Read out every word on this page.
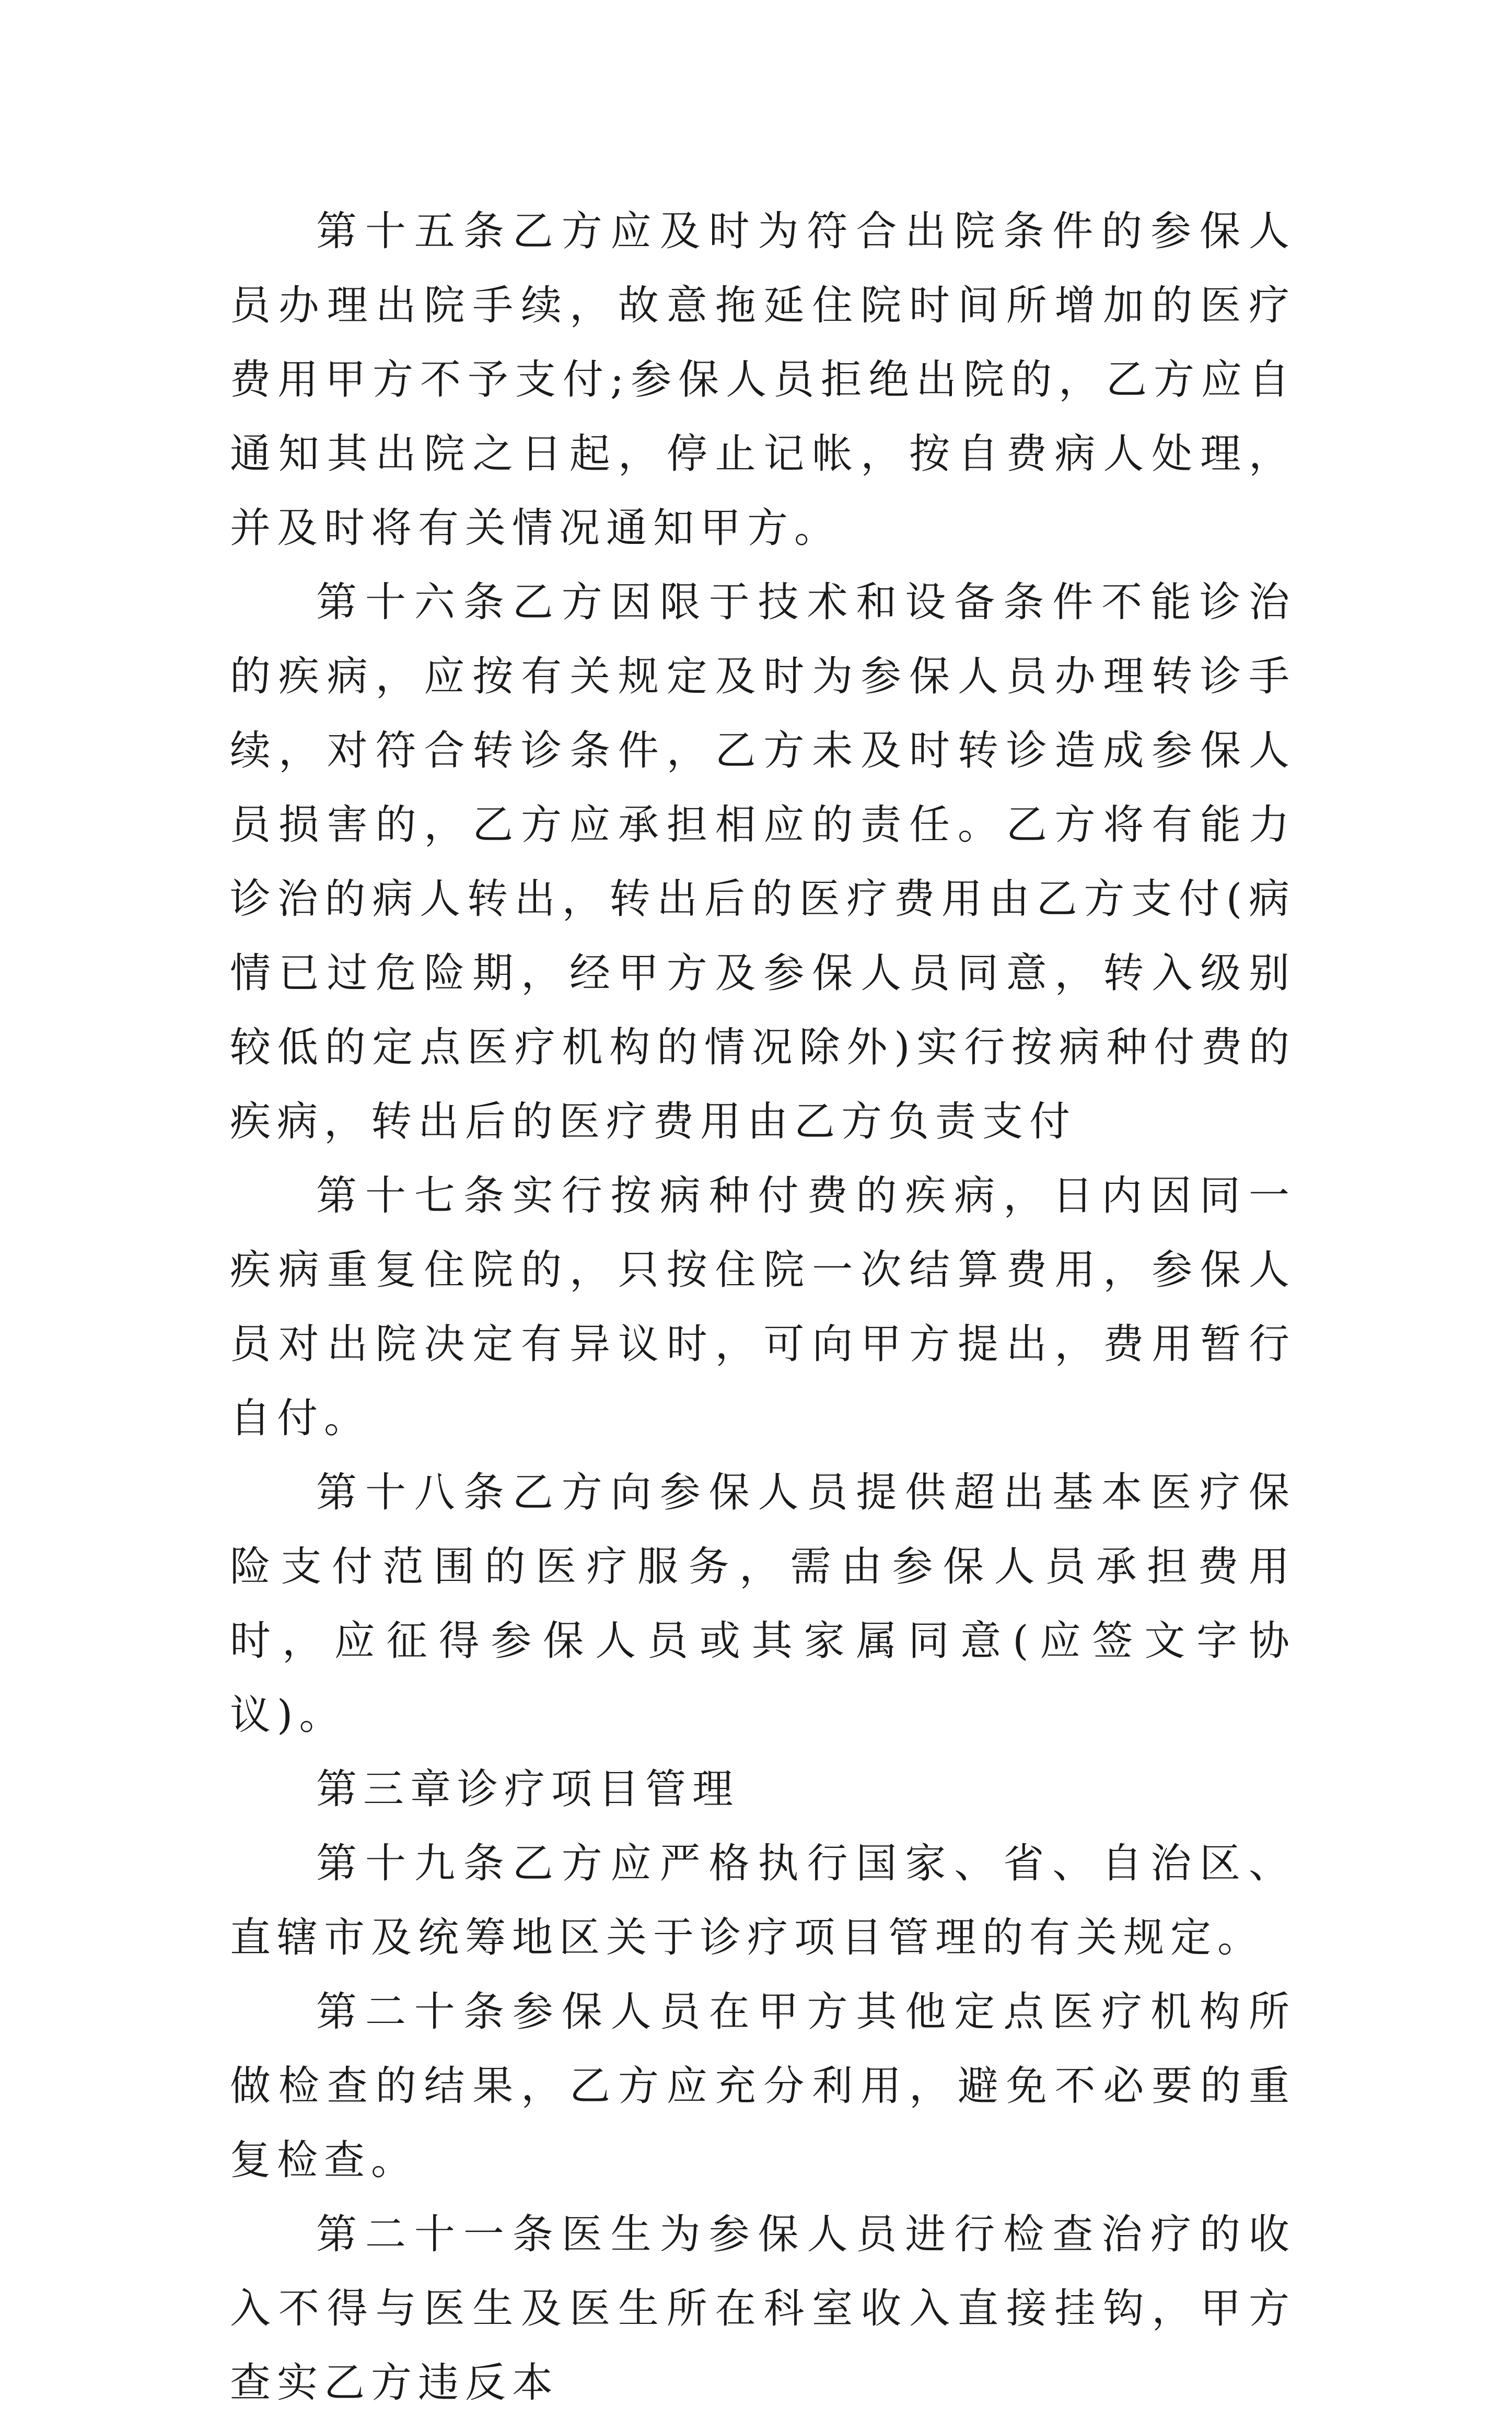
第十五条乙方应及时为符合出院条件的参保人员办理出院手续，故意拖延住院时间所增加的医疗费用甲方不予支付;参保人员拒绝出院的，乙方应自通知其出院之日起，停止记帐，按自费病人处理，并及时将有关情况通知甲方。

第十六条乙方因限于技术和设备条件不能诊治的疾病，应按有关规定及时为参保人员办理转诊手续，对符合转诊条件，乙方未及时转诊造成参保人员损害的，乙方应承担相应的责任。乙方将有能力诊治的病人转出，转出后的医疗费用由乙方支付(病情已过危险期，经甲方及参保人员同意，转入级别较低的定点医疗机构的情况除外)实行按病种付费的疾病，转出后的医疗费用由乙方负责支付

第十七条实行按病种付费的疾病，日内因同一疾病重复住院的，只按住院一次结算费用，参保人员对出院决定有异议时，可向甲方提出，费用暂行自付。

第十八条乙方向参保人员提供超出基本医疗保险支付范围的医疗服务，需由参保人员承担费用时，应征得参保人员或其家属同意(应签文字协议)。

第三章诊疗项目管理

第十九条乙方应严格执行国家、省、自治区、直辖市及统筹地区关于诊疗项目管理的有关规定。

第二十条参保人员在甲方其他定点医疗机构所做检查的结果，乙方应充分利用，避免不必要的重复检查。

第二十一条医生为参保人员进行检查治疗的收入不得与医生及医生所在科室收入直接挂钩，甲方查实乙方违反本
